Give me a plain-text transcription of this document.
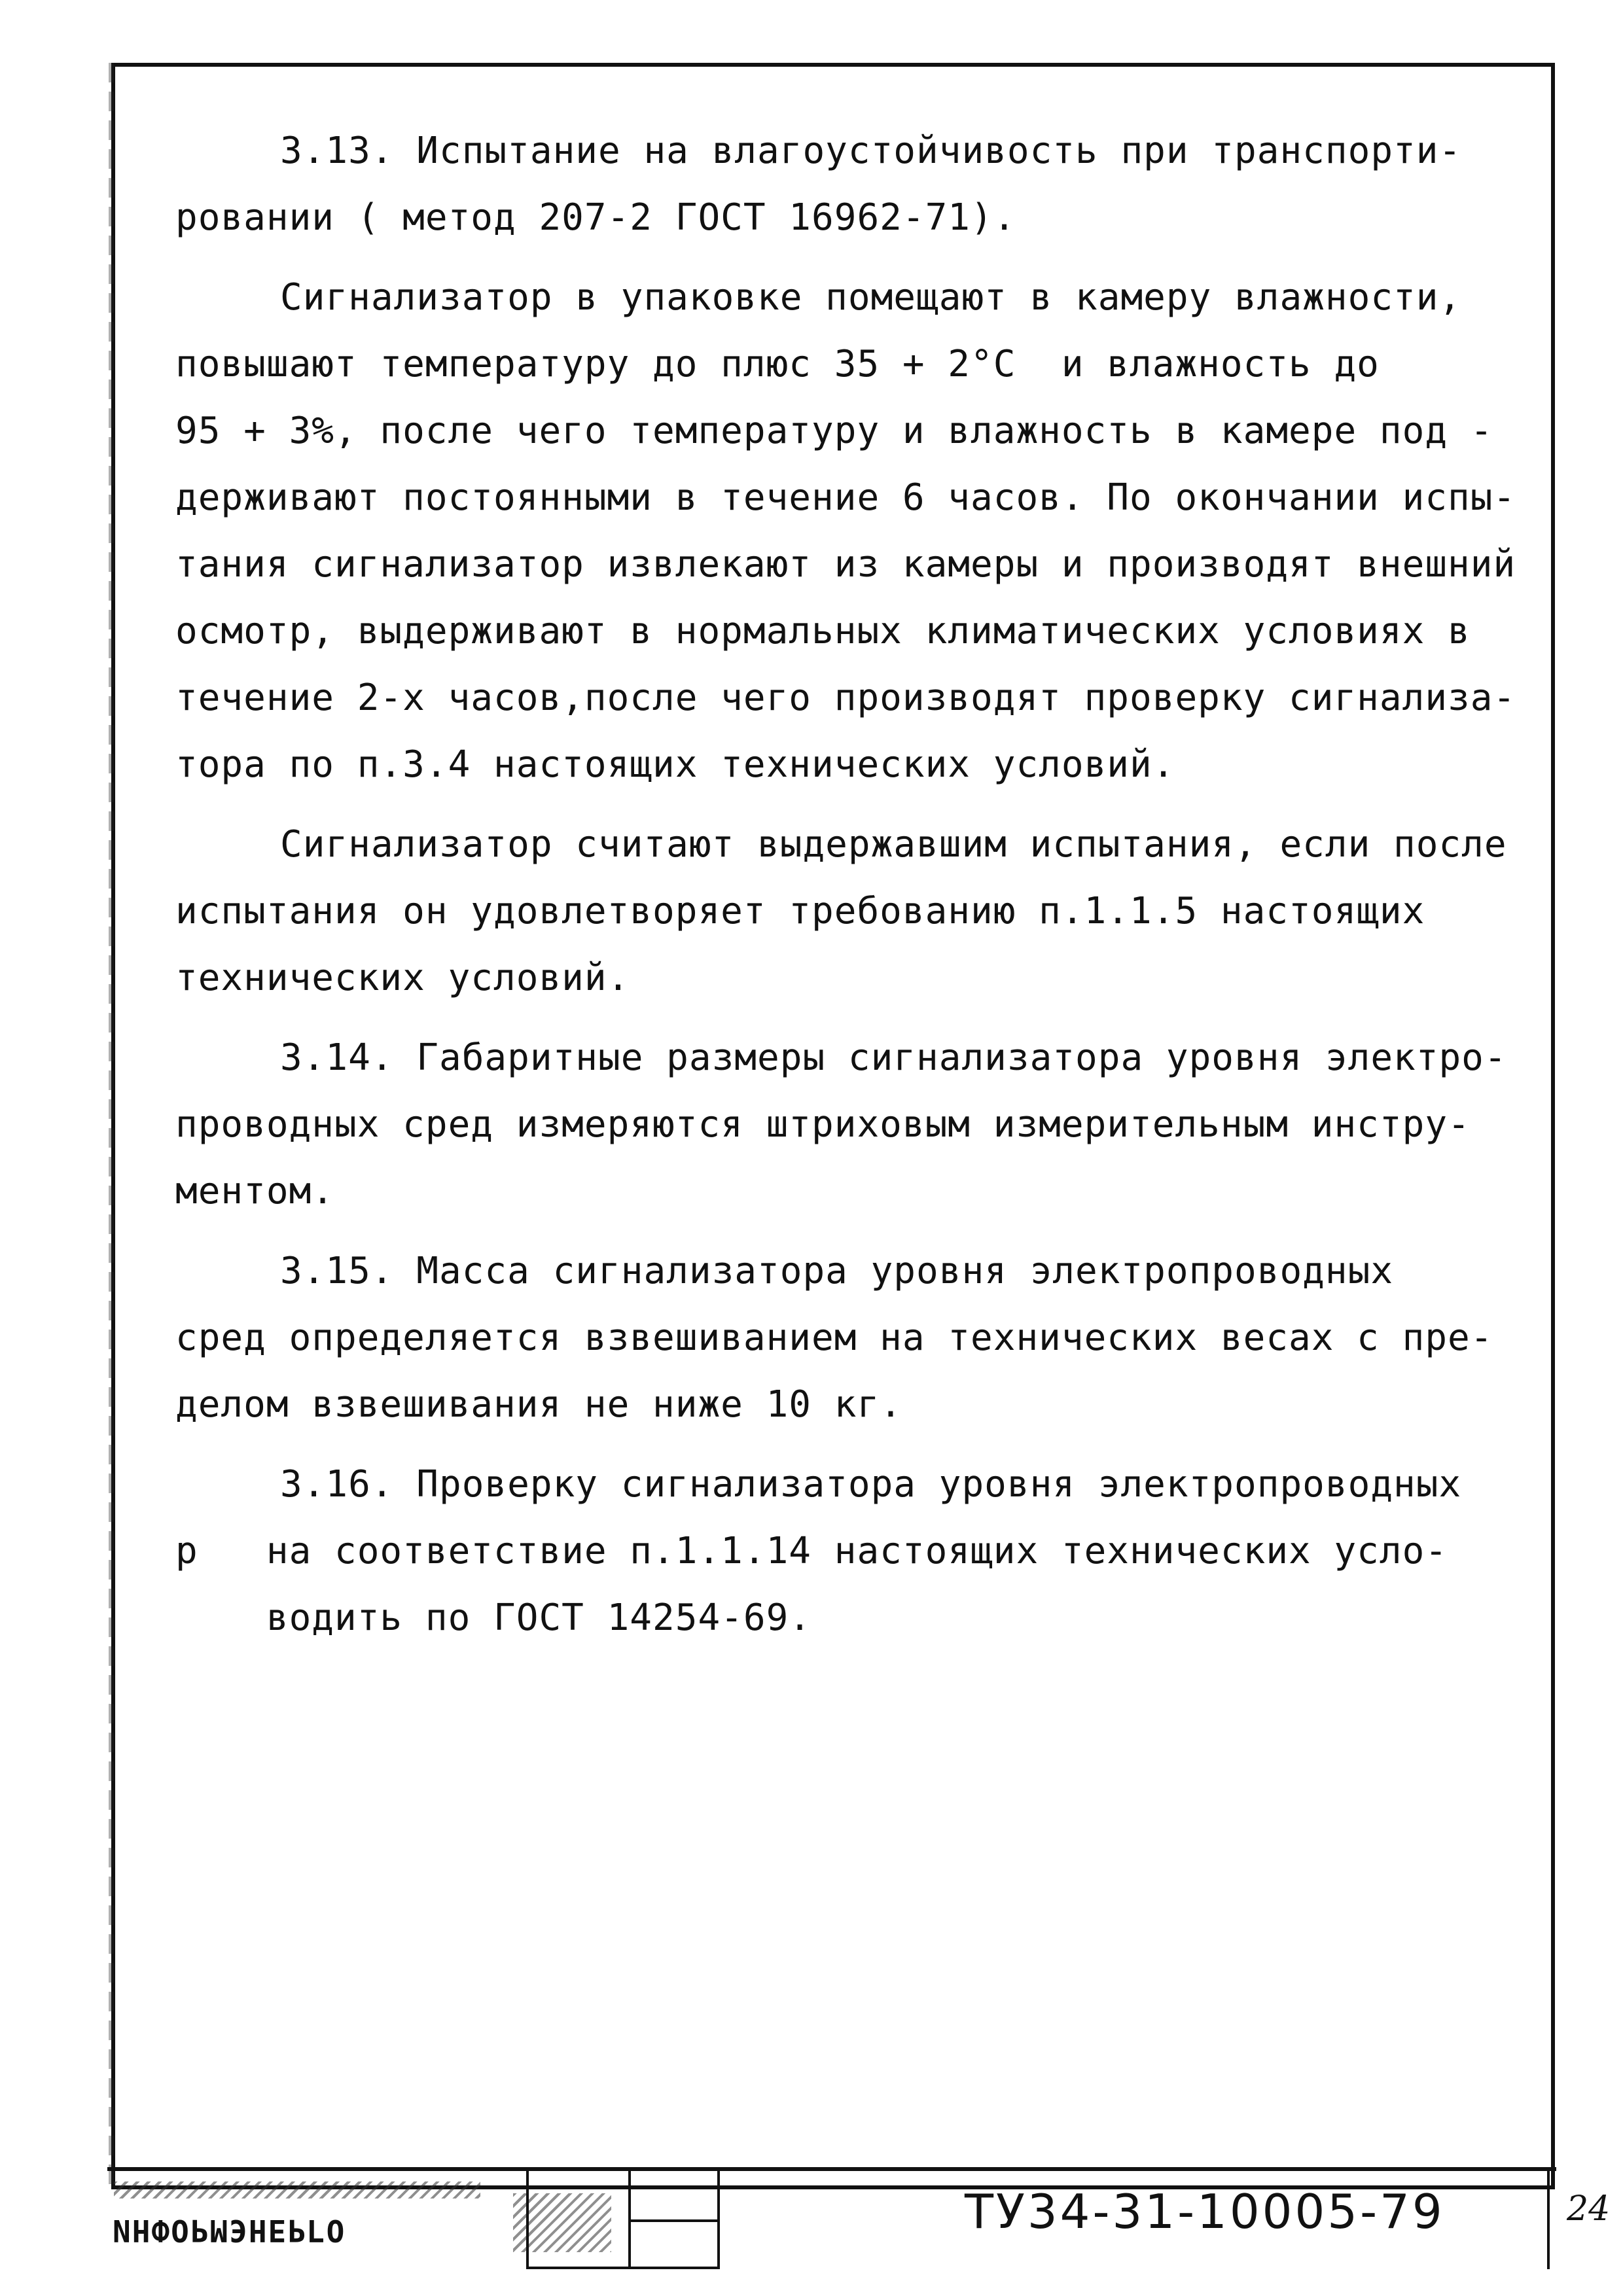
3.13. Испытание на влагоустойчивость при транспорти-

ровании ( метод 207-2 ГОСТ 16962-71).

Сигнализатор в упаковке помещают в камеру влажности,

повышают температуру до плюс 35 + 2°С  и влажность до

95 + 3%, после чего температуру и влажность в камере под -

держивают постоянными в течение 6 часов. По окончании испы-

тания сигнализатор извлекают из камеры и производят внешний

осмотр, выдерживают в нормальных климатических условиях в

течение 2-х часов,после чего производят проверку сигнализа-

тора по п.3.4 настоящих технических условий.

Сигнализатор считают выдержавшим испытания, если после

испытания он удовлетворяет требованию п.1.1.5 настоящих

технических условий.

3.14. Габаритные размеры сигнализатора уровня электро-

проводных сред измеряются штриховым измерительным инстру-

ментом.

3.15. Масса сигнализатора уровня электропроводных

сред определяется взвешиванием на технических весах с пре-

делом взвешивания не ниже 10 кг.

3.16. Проверку сигнализатора уровня электропроводных

р   на соответствие п.1.1.14 настоящих технических усло-

водить по ГОСТ 14254-69.

ИНФОРМЭНЕРГО	ТУ34-31-10005-79	24
